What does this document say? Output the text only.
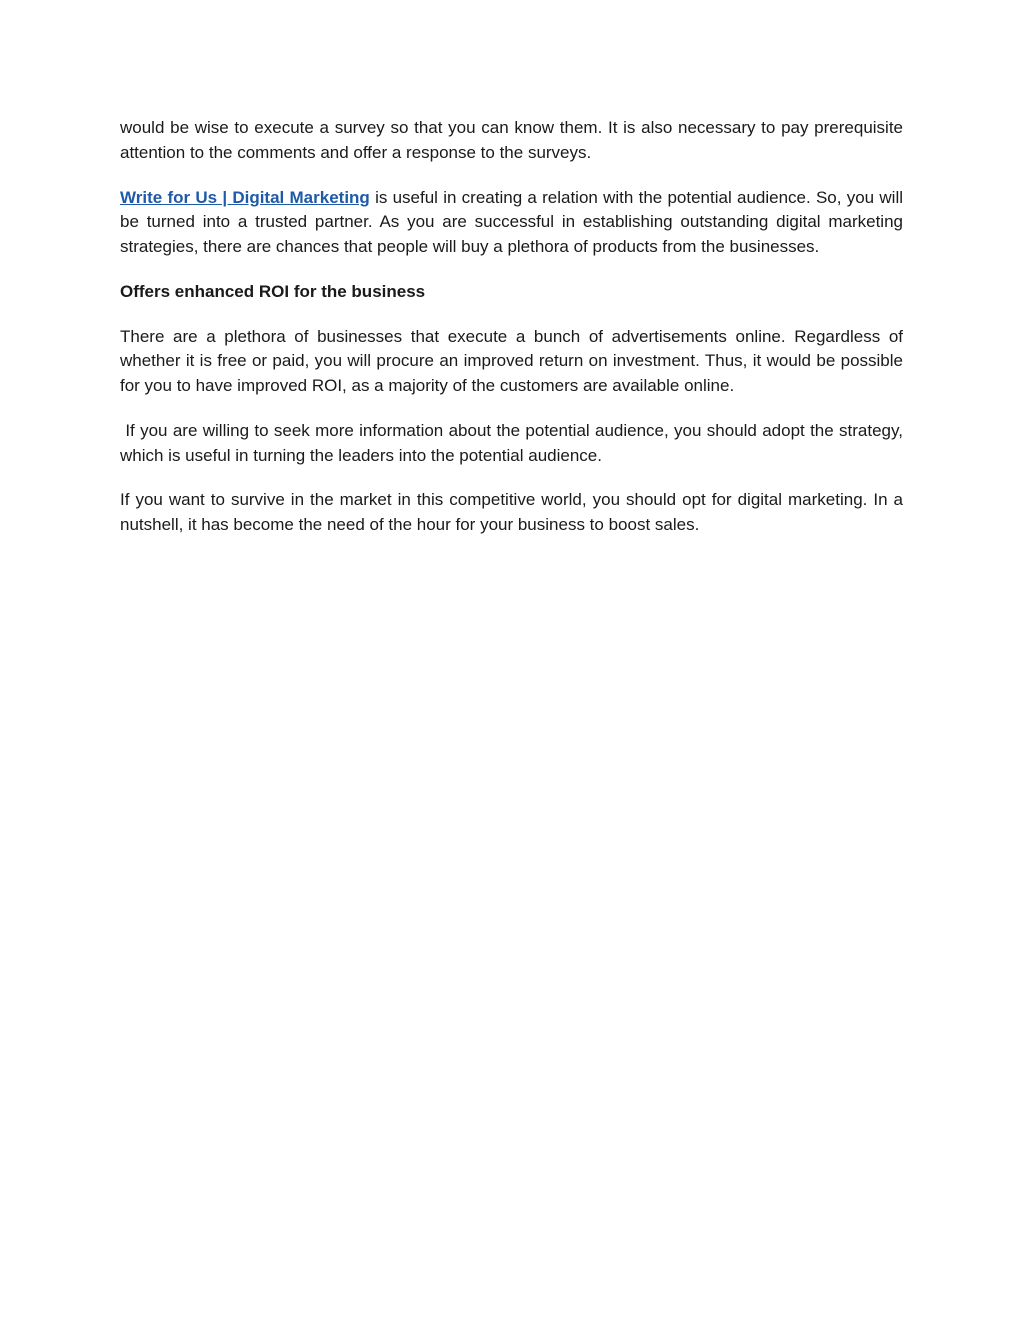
would be wise to execute a survey so that you can know them. It is also necessary to pay prerequisite attention to the comments and offer a response to the surveys.

Write for Us | Digital Marketing is useful in creating a relation with the potential audience. So, you will be turned into a trusted partner. As you are successful in establishing outstanding digital marketing strategies, there are chances that people will buy a plethora of products from the businesses.

Offers enhanced ROI for the business

There are a plethora of businesses that execute a bunch of advertisements online. Regardless of whether it is free or paid, you will procure an improved return on investment. Thus, it would be possible for you to have improved ROI, as a majority of the customers are available online.

If you are willing to seek more information about the potential audience, you should adopt the strategy, which is useful in turning the leaders into the potential audience.

If you want to survive in the market in this competitive world, you should opt for digital marketing. In a nutshell, it has become the need of the hour for your business to boost sales.
